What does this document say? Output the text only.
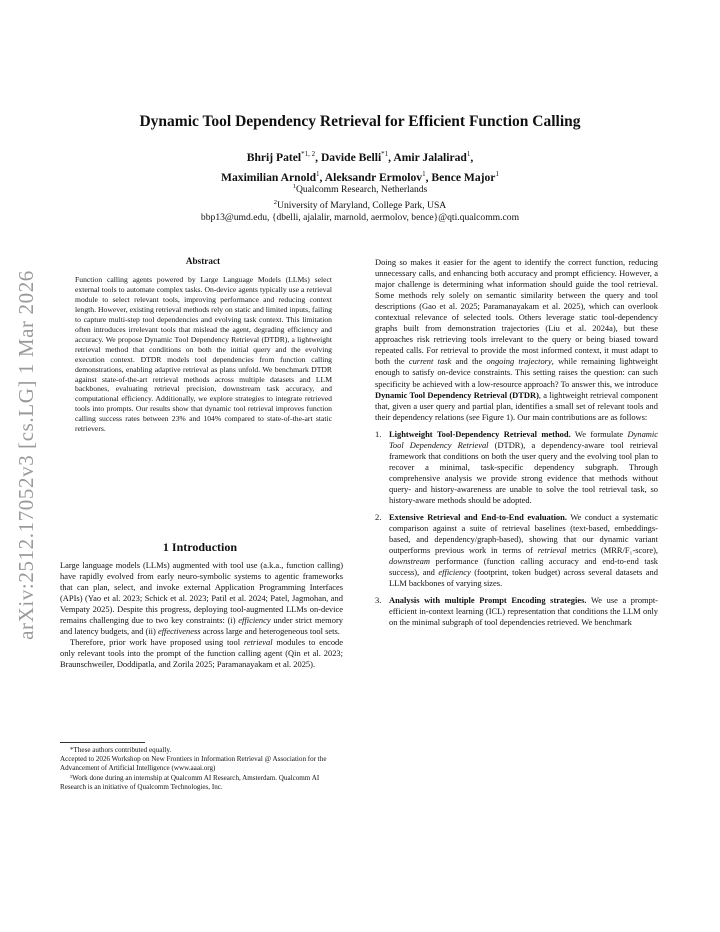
arXiv:2512.17052v3 [cs.LG] 1 Mar 2026
Dynamic Tool Dependency Retrieval for Efficient Function Calling
Bhrij Patel$^{*1, 2}$, Davide Belli$^{*1}$, Amir Jalalirad$^1$,
Maximilian Arnold$^1$, Aleksandr Ermolov$^1$, Bence Major$^1$
$^1$Qualcomm Research, Netherlands
$^2$University of Maryland, College Park, USA
bbp13@umd.edu, {dbelli, ajalalir, marnold, aermolov, bence}@qti.qualcomm.com
Abstract
Function calling agents powered by Large Language Models (LLMs) select external tools to automate complex tasks. On-device agents typically use a retrieval module to select relevant tools, improving performance and reducing context length. However, existing retrieval methods rely on static and limited inputs, failing to capture multi-step tool dependencies and evolving task context. This limitation often introduces irrelevant tools that mislead the agent, degrading efficiency and accuracy. We propose Dynamic Tool Dependency Retrieval (DTDR), a lightweight retrieval method that conditions on both the initial query and the evolving execution context. DTDR models tool dependencies from function calling demonstrations, enabling adaptive retrieval as plans unfold. We benchmark DTDR against state-of-the-art retrieval methods across multiple datasets and LLM backbones, evaluating retrieval precision, downstream task accuracy, and computational efficiency. Additionally, we explore strategies to integrate retrieved tools into prompts. Our results show that dynamic tool retrieval improves function calling success rates between 23% and 104% compared to state-of-the-art static retrievers.
1 Introduction

Large language models (LLMs) augmented with tool use (a.k.a., function calling) have rapidly evolved from early neuro-symbolic systems to agentic frameworks that can plan, select, and invoke external Application Programming Interfaces (APIs) (Yao et al. 2023; Schick et al. 2023; Patil et al. 2024; Patel, Jagmohan, and Vempaty 2025). Despite this progress, deploying tool-augmented LLMs on-device remains challenging due to two key constraints: (i) efficiency under strict memory and latency budgets, and (ii) effectiveness across large and heterogeneous tool sets.

Therefore, prior work have proposed using tool retrieval modules to encode only relevant tools into the prompt of the function calling agent (Qin et al. 2023; Braunschweiler, Doddipatla, and Zorila 2025; Paramanayakam et al. 2025).

*These authors contributed equally.

Accepted to 2026 Workshop on New Frontiers in Information Retrieval @ Association for the Advancement of Artificial Intelligence (www.aaai.org)

¹Work done during an internship at Qualcomm AI Research, Amsterdam. Qualcomm AI Research is an initiative of Qualcomm Technologies, Inc.

Doing so makes it easier for the agent to identify the correct function, reducing unnecessary calls, and enhancing both accuracy and prompt efficiency. However, a major challenge is determining what information should guide the tool retrieval. Some methods rely solely on semantic similarity between the query and tool descriptions (Gao et al. 2025; Paramanayakam et al. 2025), which can overlook contextual relevance of selected tools. Others leverage static tool-dependency graphs built from demonstration trajectories (Liu et al. 2024a), but these approaches risk retrieving tools irrelevant to the query or being biased toward repeated calls. For retrieval to provide the most informed context, it must adapt to both the current task and the ongoing trajectory, while remaining lightweight enough to satisfy on-device constraints. This setting raises the question: can such specificity be achieved with a low-resource approach? To answer this, we introduce Dynamic Tool Dependency Retrieval (DTDR), a lightweight retrieval component that, given a user query and partial plan, identifies a small set of relevant tools and their dependency relations (see Figure 1). Our main contributions are as follows:

1. Lightweight Tool-Dependency Retrieval method. We formulate Dynamic Tool Dependency Retrieval (DTDR), a dependency-aware tool retrieval framework that conditions on both the user query and the evolving tool plan to recover a minimal, task-specific dependency subgraph. Through comprehensive analysis we provide strong evidence that methods without query- and history-awareness are unable to solve the tool retrieval task, so history-aware methods should be adopted.
2. Extensive Retrieval and End-to-End evaluation. We conduct a systematic comparison against a suite of retrieval baselines (text-based, embeddings-based, and dependency/graph-based), showing that our dynamic variant outperforms previous work in terms of retrieval metrics (MRR/F₁-score), downstream performance (function calling accuracy and end-to-end task success), and efficiency (footprint, token budget) across several datasets and LLM backbones of varying sizes.
3. Analysis with multiple Prompt Encoding strategies. We use a prompt-efficient in-context learning (ICL) representation that conditions the LLM only on the minimal subgraph of tool dependencies retrieved. We benchmark
